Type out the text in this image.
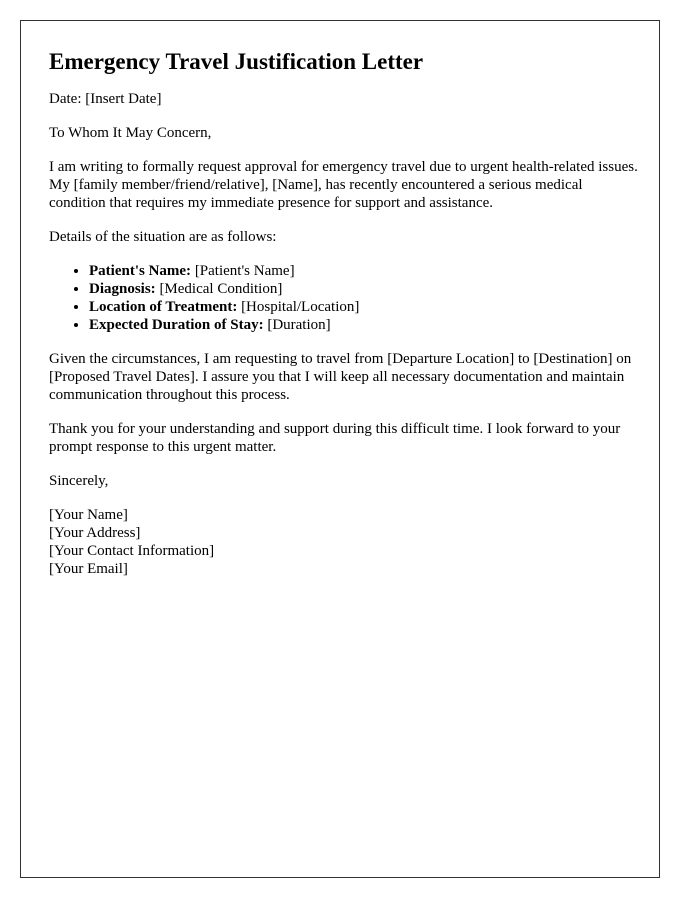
Emergency Travel Justification Letter

Date: [Insert Date]

To Whom It May Concern,

I am writing to formally request approval for emergency travel due to urgent health-related issues. My [family member/friend/relative], [Name], has recently encountered a serious medical condition that requires my immediate presence for support and assistance.

Details of the situation are as follows:

• Patient's Name: [Patient's Name]
• Diagnosis: [Medical Condition]
• Location of Treatment: [Hospital/Location]
• Expected Duration of Stay: [Duration]

Given the circumstances, I am requesting to travel from [Departure Location] to [Destination] on [Proposed Travel Dates]. I assure you that I will keep all necessary documentation and maintain communication throughout this process.

Thank you for your understanding and support during this difficult time. I look forward to your prompt response to this urgent matter.

Sincerely,

[Your Name]

[Your Address]

[Your Contact Information]

[Your Email]
